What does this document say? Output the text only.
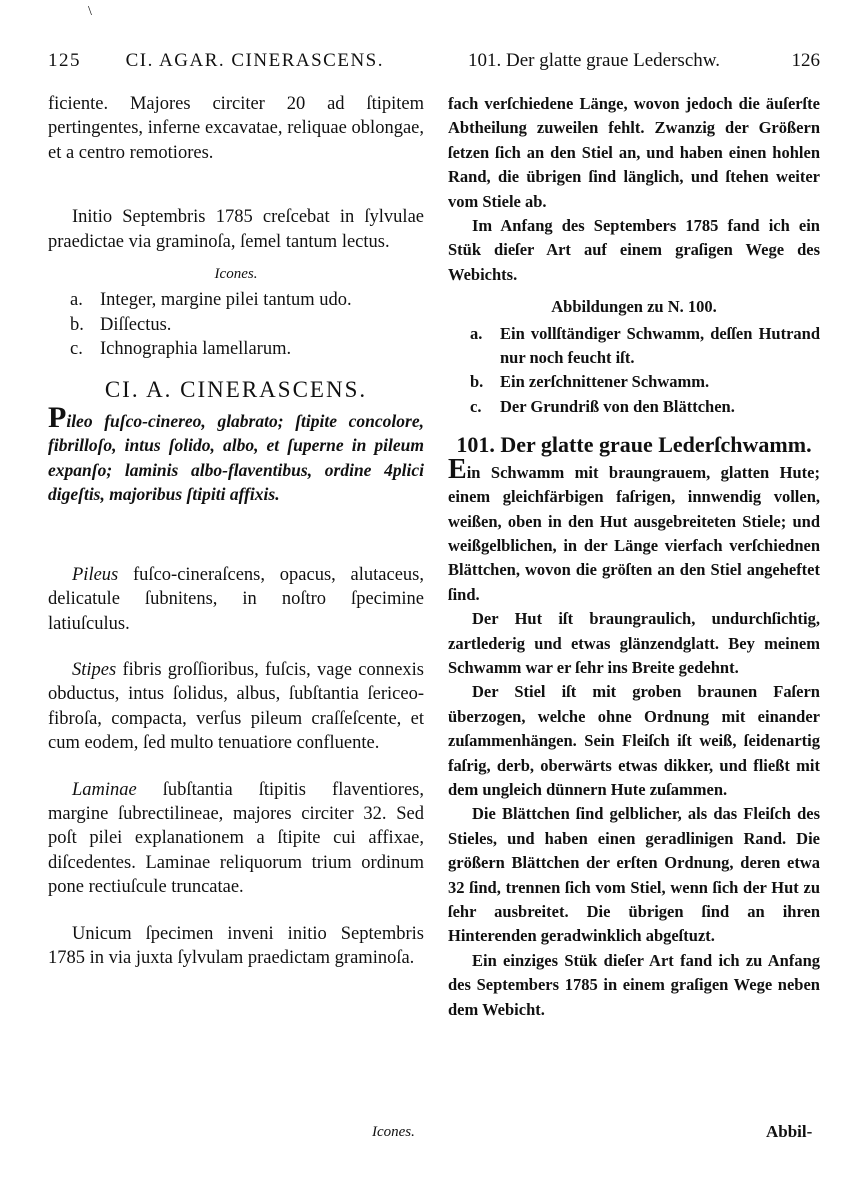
\
125 CI. AGAR. CINERASCENS.	101. Der glatte graue Lederschw.	126

ficiente. Majores circiter 20 ad ſtipitem pertingentes, inferne excavatae, reliquae oblongae, et a centro remotiores.

Initio Septembris 1785 creſcebat in ſylvulae praedictae via graminoſa, ſemel tantum lectus.

Icones.
a. Integer, margine pilei tantum udo.
b. Diſſectus.
c. Ichnographia lamellarum.
CI. A. CINERASCENS.

Pileo fuſco-cinereo, glabrato; ſtipite concolore, fibrilloſo, intus ſolido, albo, et ſuperne in pileum expanſo; laminis albo-flaventibus, ordine 4plici digeſtis, majoribus ſtipiti affixis.

Pileus fuſco-cineraſcens, opacus, alutaceus, delicatule ſubnitens, in noſtro ſpecimine latiuſculus.

Stipes fibris groſſioribus, fuſcis, vage connexis obductus, intus ſolidus, albus, ſubſtantia ſericeo-fibroſa, compacta, verſus pileum craſſeſcente, et cum eodem, ſed multo tenuatiore confluente.

Laminae ſubſtantia ſtipitis flaventiores, margine ſubrectilineae, majores circiter 32. Sed poſt pilei explanationem a ſtipite cui affixae, diſcedentes. Laminae reliquorum trium ordinum pone rectiuſcule truncatae.

Unicum ſpecimen inveni initio Septembris 1785 in via juxta ſylvulam praedictam graminoſa.

Icones.

fach verſchiedene Länge, wovon jedoch die äuſerſte Abtheilung zuweilen fehlt. Zwanzig der Größern ſetzen ſich an den Stiel an, und haben einen hohlen Rand, die übrigen ſind länglich, und ſtehen weiter vom Stiele ab.

Im Anfang des Septembers 1785 fand ich ein Stük dieſer Art auf einem graſigen Wege des Webichts.

Abbildungen zu N. 100.
a. Ein vollſtändiger Schwamm, deſſen Hutrand nur noch feucht iſt.
b. Ein zerſchnittener Schwamm.
c. Der Grundriß von den Blättchen.
101. Der glatte graue Lederſchwamm.

Ein Schwamm mit braungrauem, glatten Hute; einem gleichfärbigen faſrigen, innwendig vollen, weißen, oben in den Hut ausgebreiteten Stiele; und weißgelblichen, in der Länge vierfach verſchiednen Blättchen, wovon die gröſten an den Stiel angeheftet ſind.

Der Hut iſt braungraulich, undurchſichtig, zartlederig und etwas glänzendglatt. Bey meinem Schwamm war er ſehr ins Breite gedehnt.

Der Stiel iſt mit groben braunen Faſern überzogen, welche ohne Ordnung mit einander zuſammenhängen. Sein Fleiſch iſt weiß, ſeidenartig faſrig, derb, oberwärts etwas dikker, und fließt mit dem ungleich dünnern Hute zuſammen.

Die Blättchen ſind gelblicher, als das Fleiſch des Stieles, und haben einen geradlinigen Rand. Die größern Blättchen der erſten Ordnung, deren etwa 32 ſind, trennen ſich vom Stiel, wenn ſich der Hut zu ſehr ausbreitet. Die übrigen ſind an ihren Hinterenden geradwinklich abgeſtuzt.

Ein einziges Stük dieſer Art fand ich zu Anfang des Septembers 1785 in einem graſigen Wege neben dem Webicht.

Abbil-
